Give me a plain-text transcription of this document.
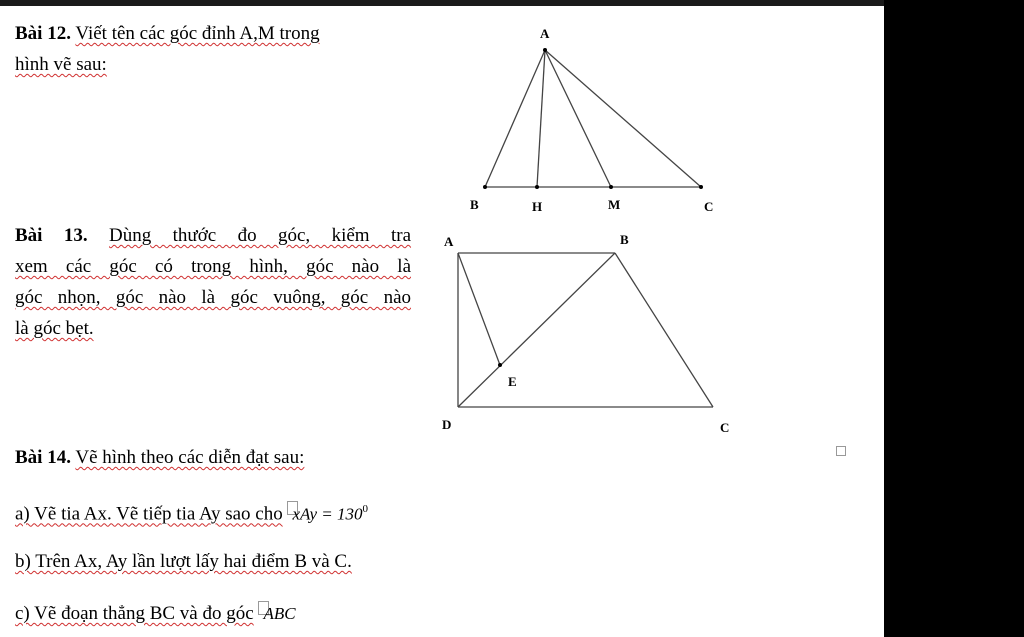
Bài 12. Viết tên các góc đỉnh A,M trong
hình vẽ sau:
A
B	H	M	C
Bài 13. Dùng thước đo góc, kiểm tra
xem các góc có trong hình, góc nào là
góc nhọn, góc nào là góc vuông, góc nào
là góc bẹt.
A	B
E
D	C
Bài 14. Vẽ hình theo các diễn đạt sau:
a) Vẽ tia Ax. Vẽ tiếp tia Ay sao cho xAy = $130^0$
b) Trên Ax, Ay lần lượt lấy hai điểm B và C.
c) Vẽ đoạn thẳng BC và đo góc ABC
